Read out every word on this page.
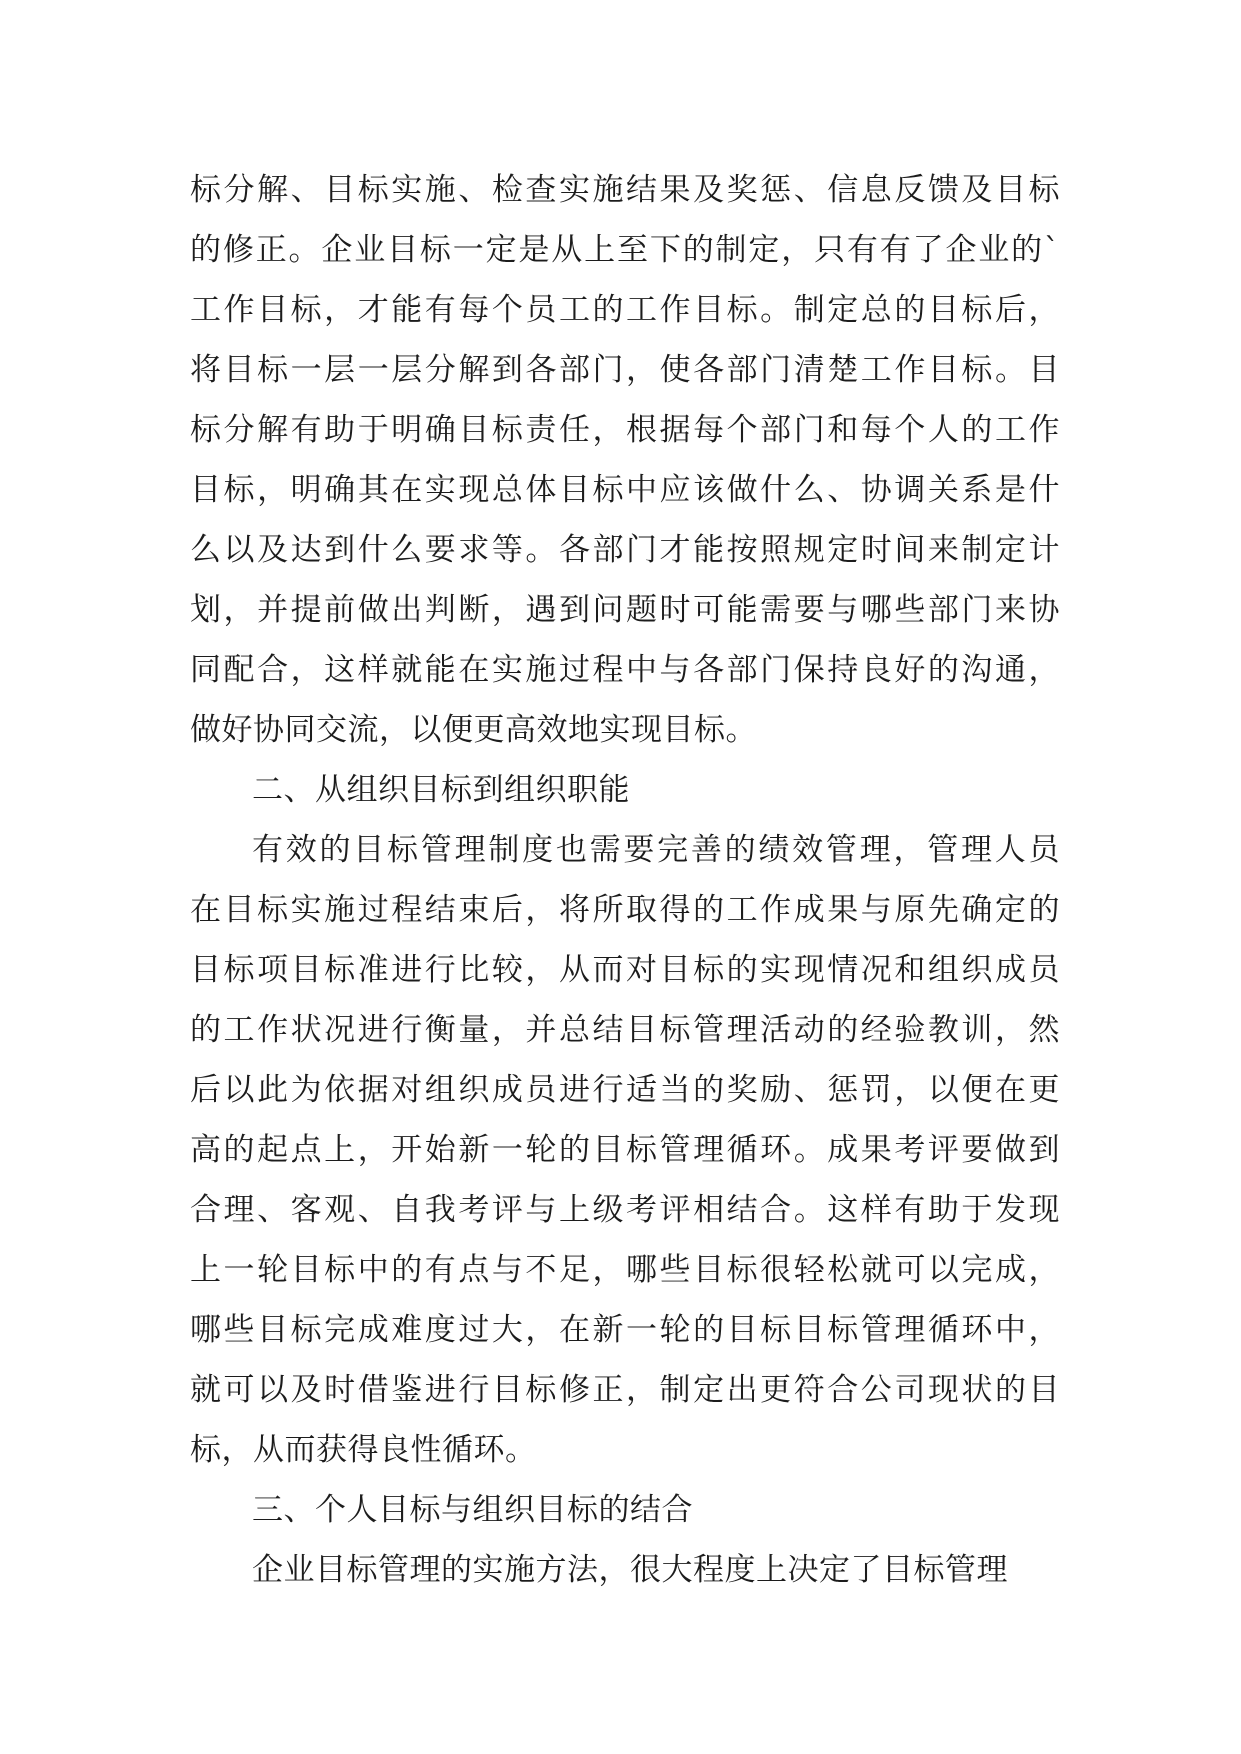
标分解、目标实施、检查实施结果及奖惩、信息反馈及目标
的修正。企业目标一定是从上至下的制定，只有有了企业的`
工作目标，才能有每个员工的工作目标。制定总的目标后，
将目标一层一层分解到各部门，使各部门清楚工作目标。目
标分解有助于明确目标责任，根据每个部门和每个人的工作
目标，明确其在实现总体目标中应该做什么、协调关系是什
么以及达到什么要求等。各部门才能按照规定时间来制定计
划，并提前做出判断，遇到问题时可能需要与哪些部门来协
同配合，这样就能在实施过程中与各部门保持良好的沟通，
做好协同交流，以便更高效地实现目标。
二、从组织目标到组织职能
有效的目标管理制度也需要完善的绩效管理，管理人员
在目标实施过程结束后，将所取得的工作成果与原先确定的
目标项目标准进行比较，从而对目标的实现情况和组织成员
的工作状况进行衡量，并总结目标管理活动的经验教训，然
后以此为依据对组织成员进行适当的奖励、惩罚，以便在更
高的起点上，开始新一轮的目标管理循环。成果考评要做到
合理、客观、自我考评与上级考评相结合。这样有助于发现
上一轮目标中的有点与不足，哪些目标很轻松就可以完成，
哪些目标完成难度过大，在新一轮的目标目标管理循环中，
就可以及时借鉴进行目标修正，制定出更符合公司现状的目
标，从而获得良性循环。
三、个人目标与组织目标的结合
企业目标管理的实施方法，很大程度上决定了目标管理
